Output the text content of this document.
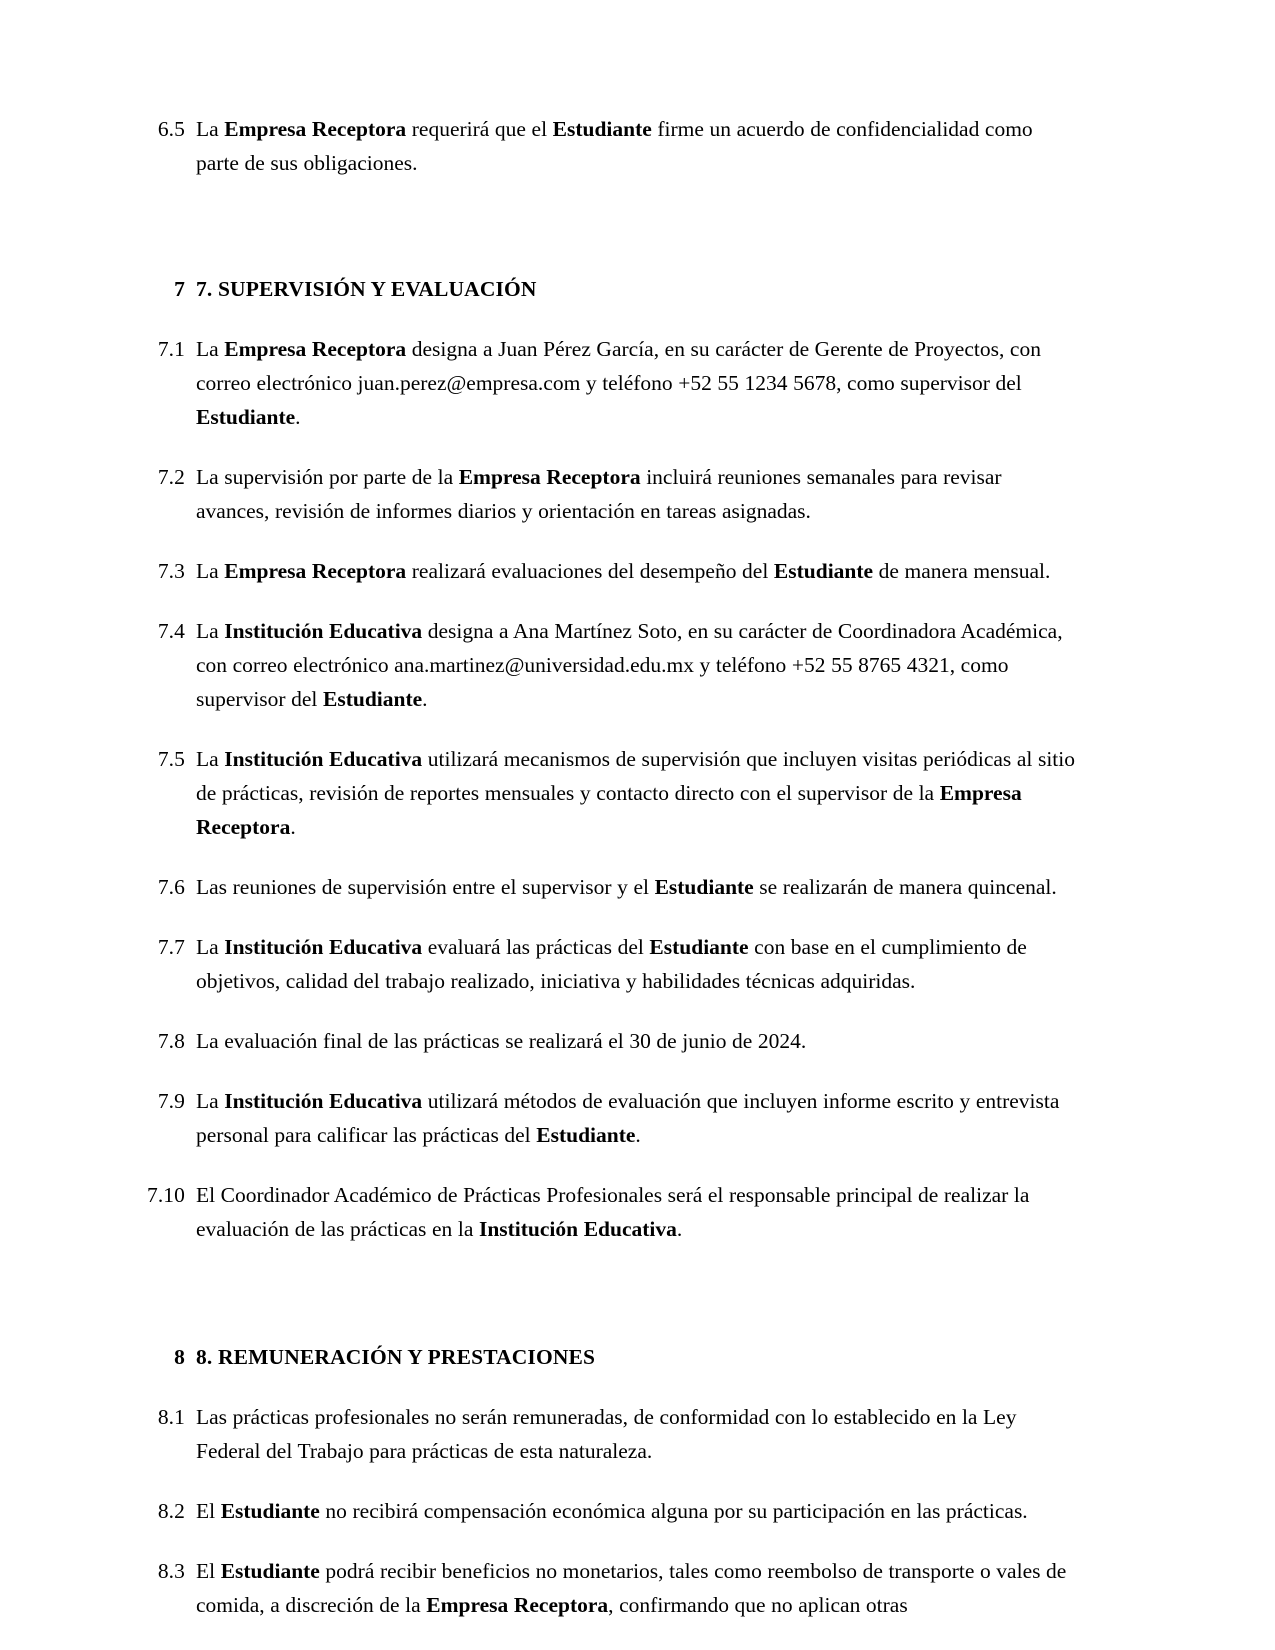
6.5 La Empresa Receptora requerirá que el Estudiante firme un acuerdo de confidencialidad como parte de sus obligaciones.
7 7. SUPERVISIÓN Y EVALUACIÓN
7.1 La Empresa Receptora designa a Juan Pérez García, en su carácter de Gerente de Proyectos, con correo electrónico juan.perez@empresa.com y teléfono +52 55 1234 5678, como supervisor del Estudiante.
7.2 La supervisión por parte de la Empresa Receptora incluirá reuniones semanales para revisar avances, revisión de informes diarios y orientación en tareas asignadas.
7.3 La Empresa Receptora realizará evaluaciones del desempeño del Estudiante de manera mensual.
7.4 La Institución Educativa designa a Ana Martínez Soto, en su carácter de Coordinadora Académica, con correo electrónico ana.martinez@universidad.edu.mx y teléfono +52 55 8765 4321, como supervisor del Estudiante.
7.5 La Institución Educativa utilizará mecanismos de supervisión que incluyen visitas periódicas al sitio de prácticas, revisión de reportes mensuales y contacto directo con el supervisor de la Empresa Receptora.
7.6 Las reuniones de supervisión entre el supervisor y el Estudiante se realizarán de manera quincenal.
7.7 La Institución Educativa evaluará las prácticas del Estudiante con base en el cumplimiento de objetivos, calidad del trabajo realizado, iniciativa y habilidades técnicas adquiridas.
7.8 La evaluación final de las prácticas se realizará el 30 de junio de 2024.
7.9 La Institución Educativa utilizará métodos de evaluación que incluyen informe escrito y entrevista personal para calificar las prácticas del Estudiante.
7.10 El Coordinador Académico de Prácticas Profesionales será el responsable principal de realizar la evaluación de las prácticas en la Institución Educativa.
8 8. REMUNERACIÓN Y PRESTACIONES
8.1 Las prácticas profesionales no serán remuneradas, de conformidad con lo establecido en la Ley Federal del Trabajo para prácticas de esta naturaleza.
8.2 El Estudiante no recibirá compensación económica alguna por su participación en las prácticas.
8.3 El Estudiante podrá recibir beneficios no monetarios, tales como reembolso de transporte o vales de comida, a discreción de la Empresa Receptora, confirmando que no aplican otras
